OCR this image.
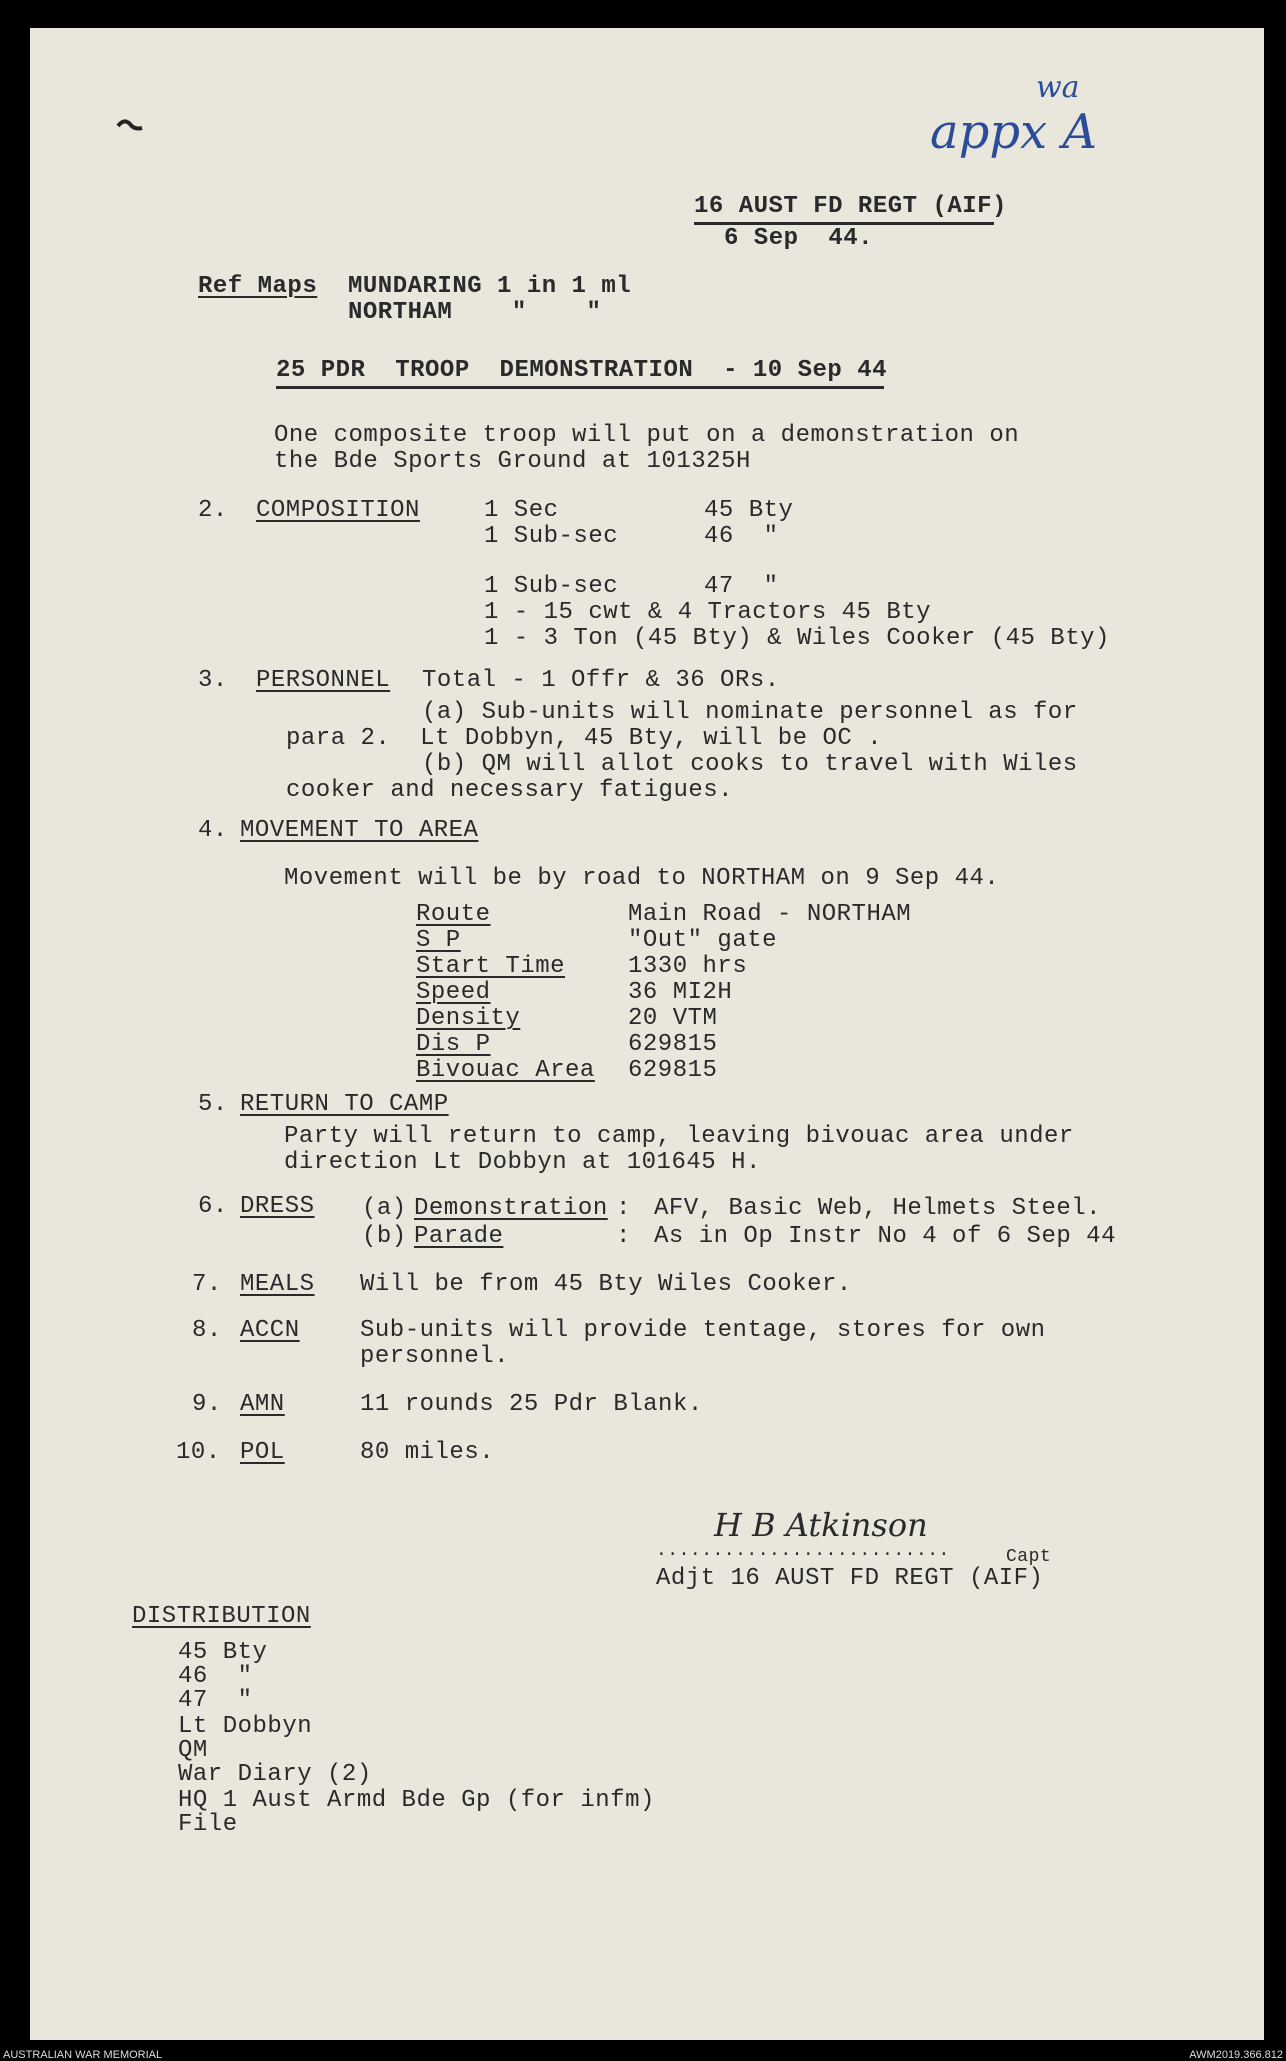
wa
appx A
16 AUST FD REGT (AIF)
6 Sep  44.
Ref Maps MUNDARING 1 in 1 ml
NORTHAM    "    "
25 PDR  TROOP  DEMONSTRATION  - 10 Sep 44
One composite troop will put on a demonstration on
the Bde Sports Ground at 101325H
2. COMPOSITION	1 Sec	45 Bty
1 Sub-sec	46  "
1 Sub-sec	47  "
1 - 15 cwt & 4 Tractors 45 Bty
1 - 3 Ton (45 Bty) & Wiles Cooker (45 Bty)
3. PERSONNEL Total - 1 Offr & 36 ORs.
(a) Sub-units will nominate personnel as for
para 2.  Lt Dobbyn, 45 Bty, will be OC .
(b) QM will allot cooks to travel with Wiles
cooker and necessary fatigues.
4. MOVEMENT TO AREA
Movement will be by road to NORTHAM on 9 Sep 44.
Route	Main Road - NORTHAM
S P	"Out" gate
Start Time	1330 hrs
Speed	36 MI2H
Density	20 VTM
Dis P	629815
Bivouac Area 629815
5. RETURN TO CAMP
Party will return to camp, leaving bivouac area under
direction Lt Dobbyn at 101645 H.
6. DRESS (a) Demonstration : AFV, Basic Web, Helmets Steel.
(b) Parade	: As in Op Instr No 4 of 6 Sep 44
7. MEALS Will be from 45 Bty Wiles Cooker.
8. ACCN	Sub-units will provide tentage, stores for own
personnel.
9. AMN	11 rounds 25 Pdr Blank.
10. POL	80 miles.
H B Atkinson
..........................	Capt
Adjt 16 AUST FD REGT (AIF)
DISTRIBUTION
45 Bty
46  "
47  "
Lt Dobbyn
QM
War Diary (2)
HQ 1 Aust Armd Bde Gp (for infm)
File
AUSTRALIAN WAR MEMORIAL	AWM2019.366.812
